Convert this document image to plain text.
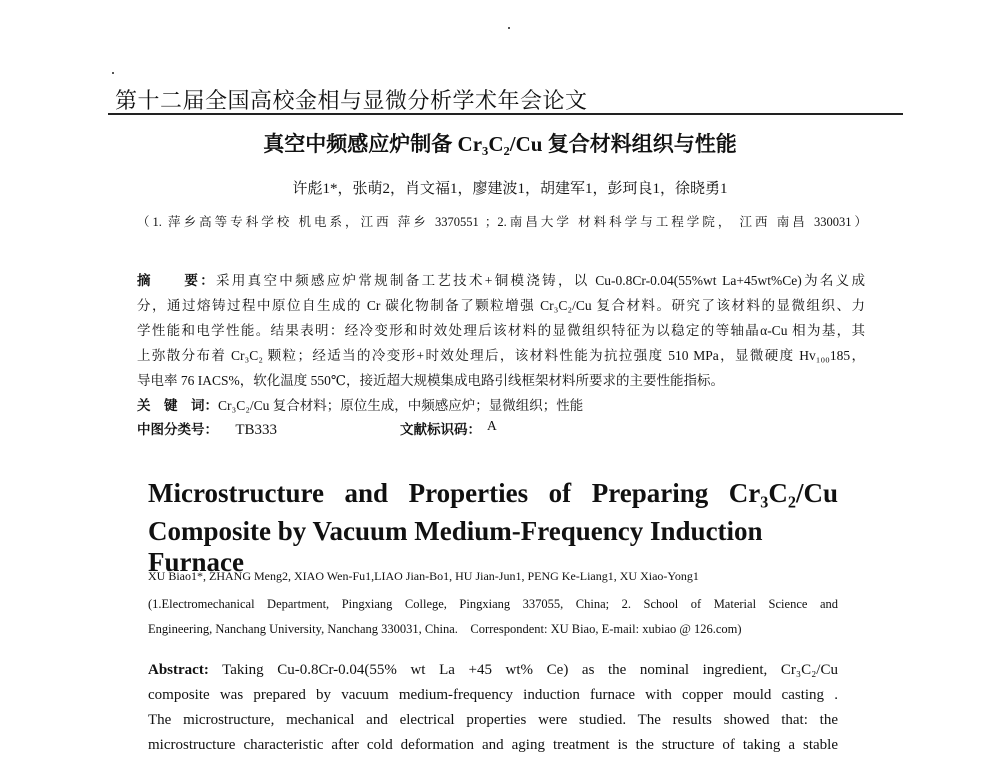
第十二届全国高校金相与显微分析学术年会论文
真空中频感应炉制备 Cr₃C₂/Cu 复合材料组织与性能
许彪1*，张萌2，肖文福1，廖建波1，胡建军1，彭珂良1，徐晓勇1
（1. 萍乡高等专科学校 机电系，江西 萍乡 3370551 ；2.南昌大学 材料科学与工程学院， 江西 南昌 330031）
摘　　要：采用真空中频感应炉常规制备工艺技术+铜模浇铸，以 Cu-0.8Cr-0.04(55%wt La+45wt%Ce)为名义成
分，通过熔铸过程中原位自生成的 Cr 碳化物制备了颗粒增强 Cr₃C₂/Cu 复合材料。研究了该材料的显微组织、力
学性能和电学性能。结果表明：经冷变形和时效处理后该材料的显微组织特征为以稳定的等轴晶α-Cu 相为基，其
上弥散分布着 Cr₃C₂ 颗粒；经适当的冷变形+时效处理后，该材料性能为抗拉强度 510 MPa，显微硬度 Hv₁₀₀185，
导电率 76 IACS%，软化温度 550℃，接近超大规模集成电路引线框架材料所要求的主要性能指标。
关　键　词：Cr₃C₂/Cu 复合材料；原位生成，中频感应炉；显微组织；性能
中图分类号： TB333	文献标识码： A
Microstructure and Properties of Preparing Cr₃C₂/Cu
Composite by Vacuum Medium-Frequency Induction Furnace
XU Biao1*, ZHANG Meng2, XIAO Wen-Fu1,LIAO Jian-Bo1, HU Jian-Jun1, PENG Ke-Liang1, XU Xiao-Yong1
(1.Electromechanical Department, Pingxiang College, Pingxiang 337055, China; 2. School of Material Science and
Engineering, Nanchang University, Nanchang 330031, China.    Correspondent: XU Biao, E-mail: xubiao @ 126.com)
Abstract: Taking Cu-0.8Cr-0.04(55% wt La +45 wt% Ce) as the nominal ingredient, Cr₃C₂/Cu
composite was prepared by vacuum medium-frequency induction furnace with copper mould casting .
The microstructure, mechanical and electrical properties were studied. The results showed that: the
microstructure characteristic after cold deformation and aging treatment is the structure of taking a stable
